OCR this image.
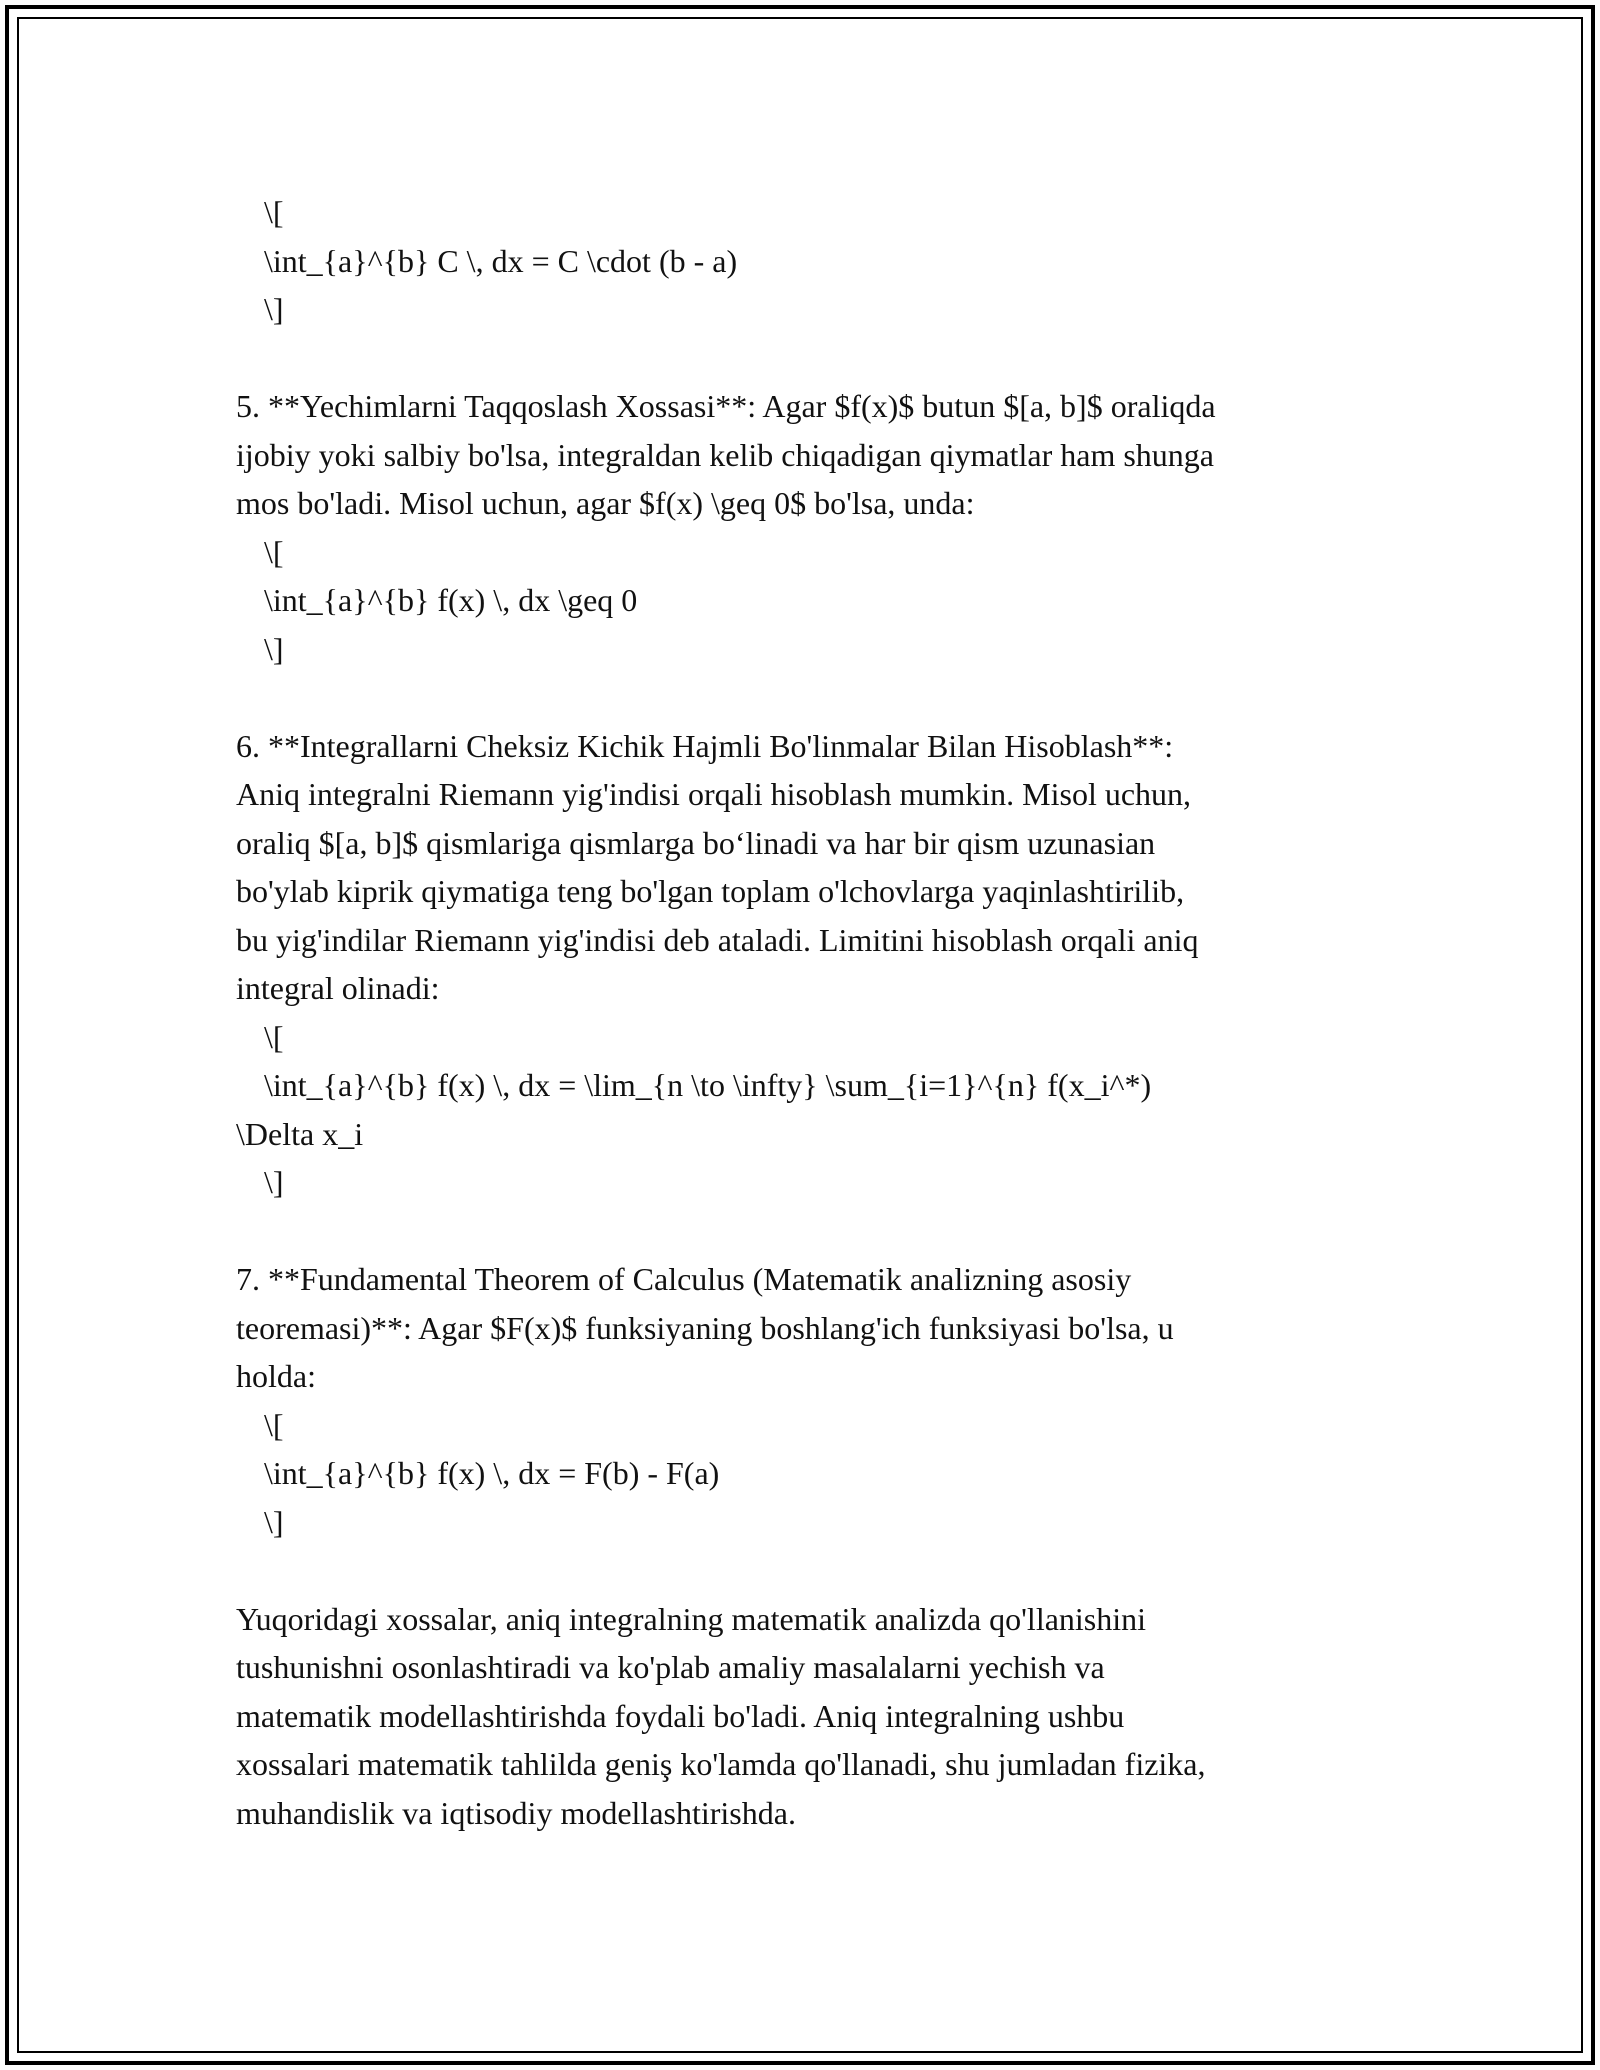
\[
\int_{a}^{b} C \, dx = C \cdot (b - a)
\]
5. **Yechimlarni Taqqoslash Xossasi**: Agar $f(x)$ butun $[a, b]$ oraliqda
ijobiy yoki salbiy bo'lsa, integraldan kelib chiqadigan qiymatlar ham shunga
mos bo'ladi. Misol uchun, agar $f(x) \geq 0$ bo'lsa, unda:
\[
\int_{a}^{b} f(x) \, dx \geq 0
\]
6. **Integrallarni Cheksiz Kichik Hajmli Bo'linmalar Bilan Hisoblash**:
Aniq integralni Riemann yig'indisi orqali hisoblash mumkin. Misol uchun,
oraliq $[a, b]$ qismlariga qismlarga bo‘linadi va har bir qism uzunasian
bo'ylab kiprik qiymatiga teng bo'lgan toplam o'lchovlarga yaqinlashtirilib,
bu yig'indilar Riemann yig'indisi deb ataladi. Limitini hisoblash orqali aniq
integral olinadi:
\[
\int_{a}^{b} f(x) \, dx = \lim_{n \to \infty} \sum_{i=1}^{n} f(x_i^*)
\Delta x_i
\]
7. **Fundamental Theorem of Calculus (Matematik analizning asosiy
teoremasi)**: Agar $F(x)$ funksiyaning boshlang'ich funksiyasi bo'lsa, u
holda:
\[
\int_{a}^{b} f(x) \, dx = F(b) - F(a)
\]
Yuqoridagi xossalar, aniq integralning matematik analizda qo'llanishini
tushunishni osonlashtiradi va ko'plab amaliy masalalarni yechish va
matematik modellashtirishda foydali bo'ladi. Aniq integralning ushbu
xossalari matematik tahlilda geniş ko'lamda qo'llanadi, shu jumladan fizika,
muhandislik va iqtisodiy modellashtirishda.
